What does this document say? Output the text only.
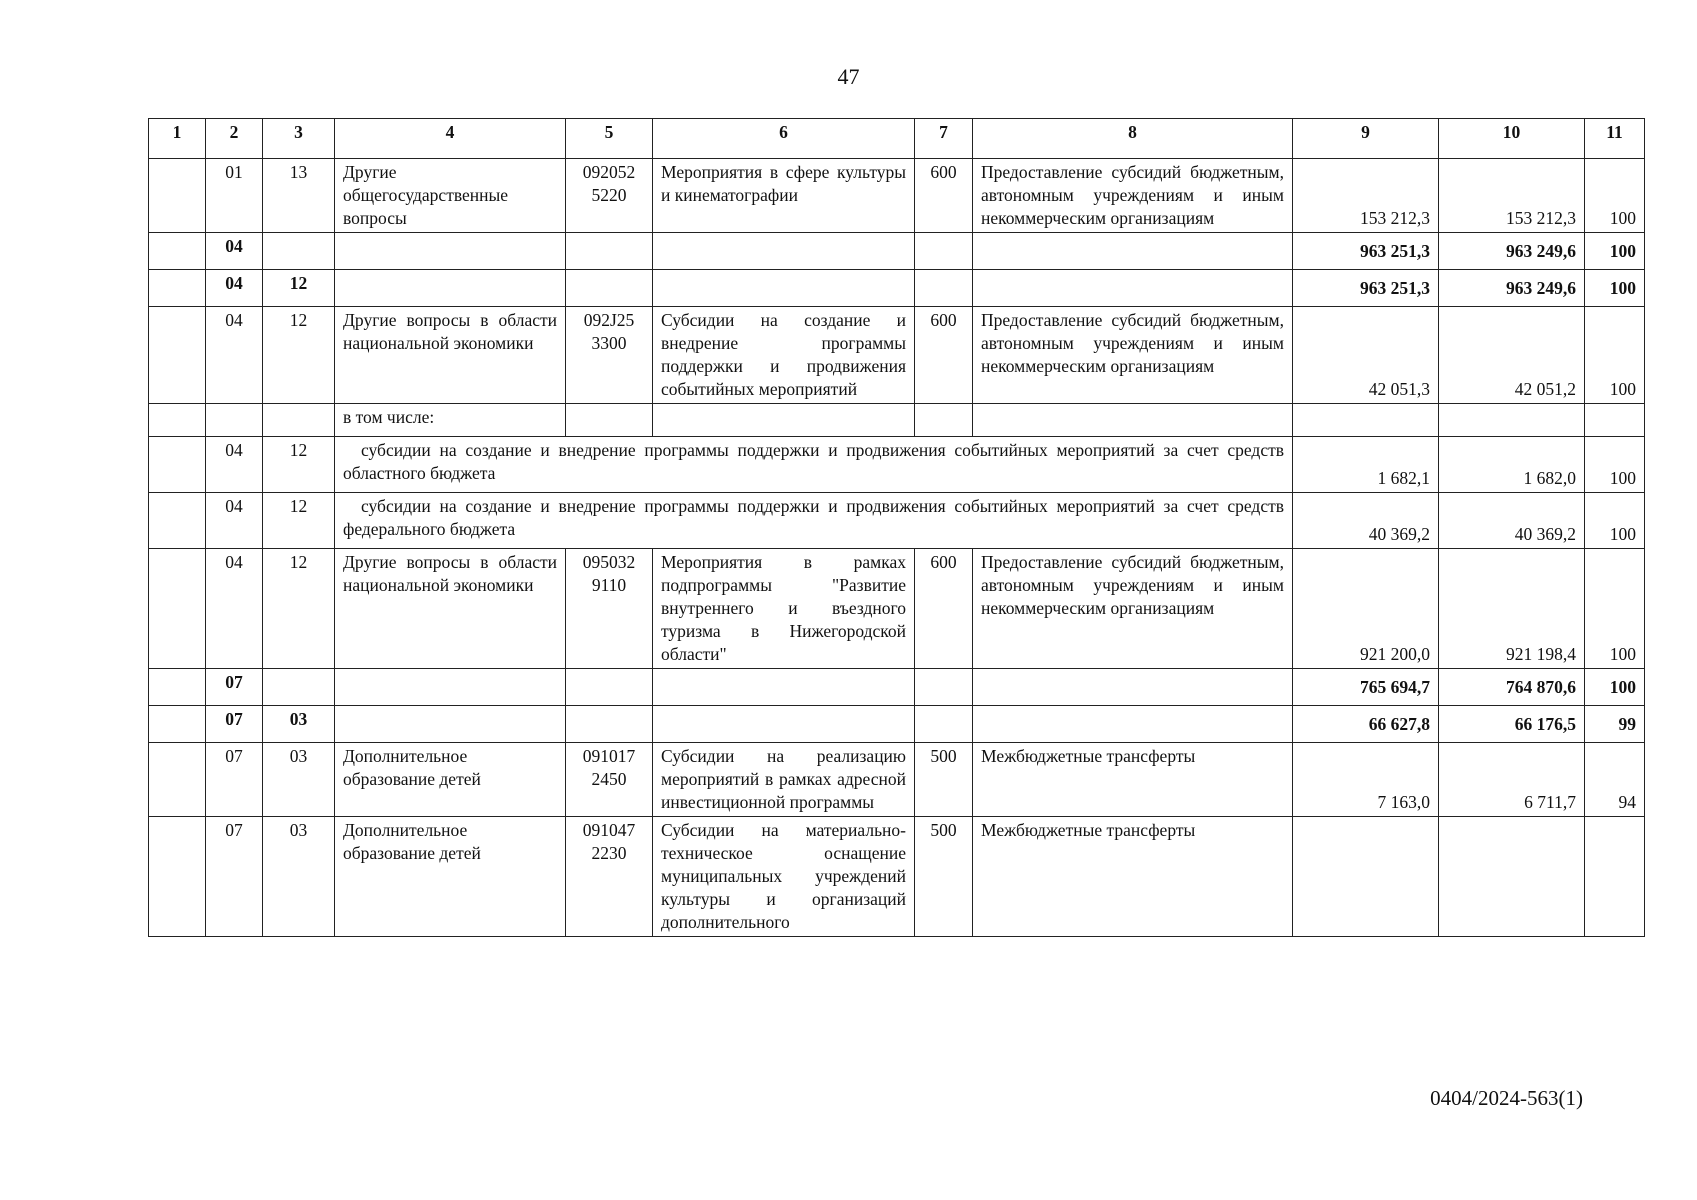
47
1	2	3	4	5	6	7	8	9	10	11
	01	13	Другие общегосударственные вопросы	092052 5220	Мероприятия в сфере культуры и кинематографии	600	Предоставление субсидий бюджетным, автономным учреждениям и иным некоммерческим организациям	153 212,3	153 212,3	100
	04							963 251,3	963 249,6	100
	04	12						963 251,3	963 249,6	100
	04	12	Другие вопросы в области национальной экономики	092J25 3300	Субсидии на создание и внедрение программы поддержки и продвижения событийных мероприятий	600	Предоставление субсидий бюджетным, автономным учреждениям и иным некоммерческим организациям	42 051,3	42 051,2	100
			в том числе:							
	04	12	субсидии на создание и внедрение программы поддержки и продвижения событийных мероприятий за счет средств областного бюджета					1 682,1	1 682,0	100
	04	12	субсидии на создание и внедрение программы поддержки и продвижения событийных мероприятий за счет средств федерального бюджета					40 369,2	40 369,2	100
	04	12	Другие вопросы в области национальной экономики	095032 9110	Мероприятия в рамках подпрограммы "Развитие внутреннего и въездного туризма в Нижегородской области"	600	Предоставление субсидий бюджетным, автономным учреждениям и иным некоммерческим организациям	921 200,0	921 198,4	100
	07							765 694,7	764 870,6	100
	07	03						66 627,8	66 176,5	99
	07	03	Дополнительное образование детей	091017 2450	Субсидии на реализацию мероприятий в рамках адресной инвестиционной программы	500	Межбюджетные трансферты	7 163,0	6 711,7	94
	07	03	Дополнительное образование детей	091047 2230	Субсидии на материально-техническое оснащение муниципальных учреждений культуры и организаций дополнительного	500	Межбюджетные трансферты			
0404/2024-563(1)
